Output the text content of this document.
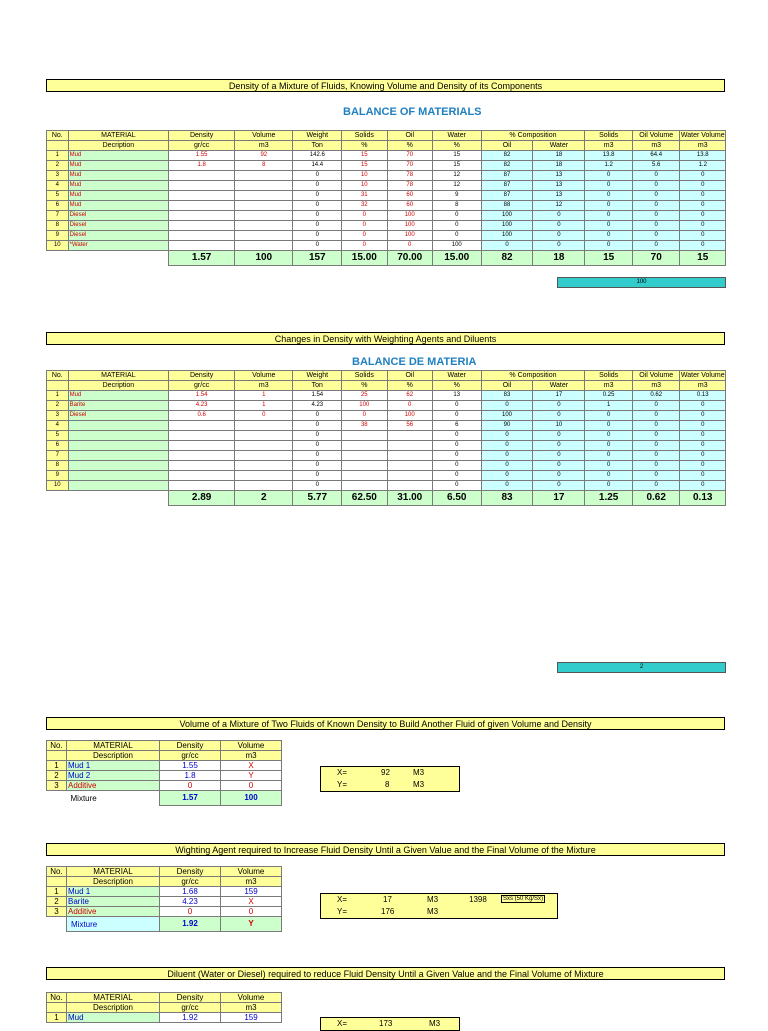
Density of a Mixture of Fluids, Knowing Volume and Density of its Components
BALANCE OF MATERIALS
No.	MATERIAL	Density	Volume	Weight	Solids	Oil	Water	% Composition		Solids	Oil Volume	Water Volume
	Decription	gr/cc	m3	Ton	%	%	%	Oil	Water	m3	m3	m3
1	Mud	1.55	92	142.6	15	70	15	82	18	13.8	64.4	13.8
2	Mud	1.8	8	14.4	15	70	15	82	18	1.2	5.6	1.2
3	Mud			0	10	78	12	87	13	0	0	0
4	Mud			0	10	78	12	87	13	0	0	0
5	Mud			0	31	60	9	87	13	0	0	0
6	Mud			0	32	60	8	88	12	0	0	0
7	Diesel			0	0	100	0	100	0	0	0	0
8	Diesel			0	0	100	0	100	0	0	0	0
9	Diesel			0	0	100	0	100	0	0	0	0
10	*Water			0	0	0	100	0	0	0	0	0
		1.57	100	157	15.00	70.00	15.00	82	18	15	70	15
100
Changes in Density with Weighting Agents and Diluents
BALANCE DE MATERIA
No.	MATERIAL	Density	Volume	Weight	Solids	Oil	Water	% Composition		Solids	Oil Volume	Water Volume
	Decription	gr/cc	m3	Ton	%	%	%	Oil	Water	m3	m3	m3
1	Mud	1.54	1	1.54	25	62	13	83	17	0.25	0.62	0.13
2	Barite	4.23	1	4.23	100	0	0	0	0	1	0	0
3	Diesel	0.6	0	0	0	100	0	100	0	0	0	0
4				0	38	56	6	90	10	0	0	0
5				0			0	0	0	0	0	0
6				0			0	0	0	0	0	0
7				0			0	0	0	0	0	0
8				0			0	0	0	0	0	0
9				0			0	0	0	0	0	0
10				0			0	0	0	0	0	0
		2.89	2	5.77	62.50	31.00	6.50	83	17	1.25	0.62	0.13
2
Volume of a Mixture of Two Fluids of Known Density to Build Another Fluid of given Volume and Density
No.	MATERIAL	Density	Volume
	Description	gr/cc	m3
1	Mud 1	1.55	X
2	Mud 2	1.8	Y
3	Additive	0	0
	Mixture	1.57	100
X=	92	M3
Y=	8	M3
Wighting Agent required to Increase Fluid Density Until a Given Value and the Final Volume of the Mixture
No.	MATERIAL	Density	Volume
	Description	gr/cc	m3
1	Mud 1	1.68	159
2	Barite	4.23	X
3	Additive	0	0
	Mixture	1.92	Y
X=	17	M3	1398	Sxs (50 Kg/Sx)
Y=	176	M3
Diluent (Water or Diesel) required to reduce Fluid Density Until a Given Value and the Final Volume of Mixture
No.	MATERIAL	Density	Volume
	Description	gr/cc	m3
1	Mud	1.92	159
X=	173	M3
